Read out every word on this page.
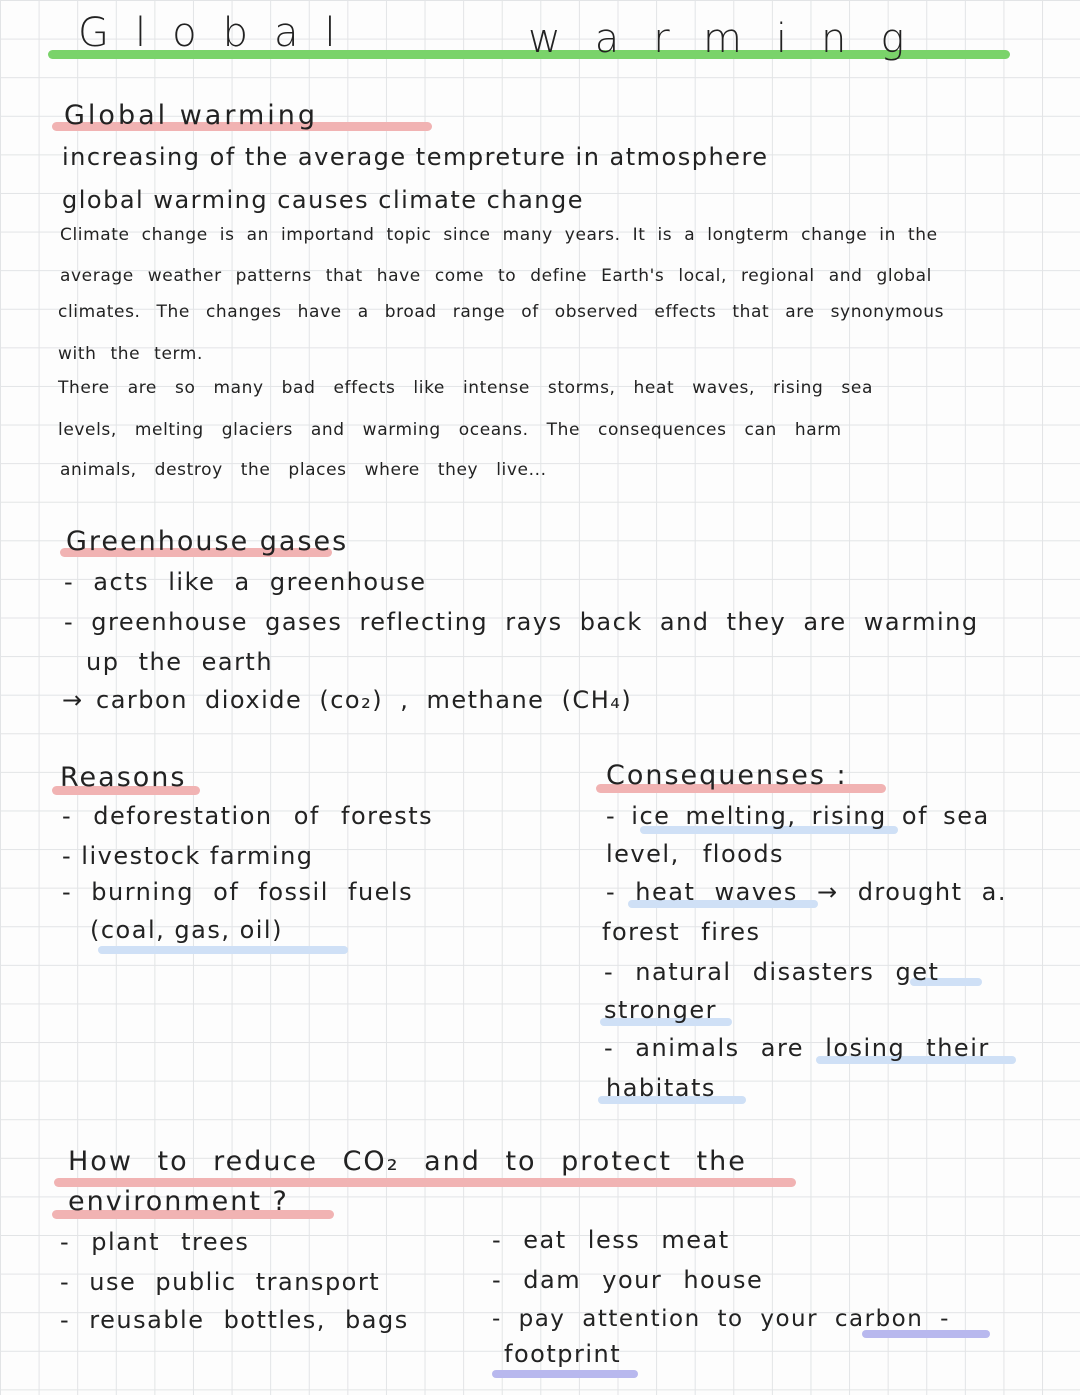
Global	warming
Global warming
increasing of the average tempreture in atmosphere
global warming causes climate change
Climate change is an importand topic since many years. It is a longterm change in the
average weather patterns that have come to define Earth's local, regional and global
climates. The changes have a broad range of observed effects that are synonymous
with the term.
There are so many bad effects like intense storms, heat waves, rising sea
levels, melting glaciers and warming oceans. The consequences can harm
animals, destroy the places where they live...
Greenhouse gases
- acts like a greenhouse
- greenhouse gases reflecting rays back and they are warming
up the earth
→ carbon dioxide (co₂) , methane (CH₄)
Reasons
- deforestation of forests
- livestock farming
- burning of fossil fuels
(coal, gas, oil)
Consequenses :
- ice melting, rising of sea
level, floods
- heat waves → drought a.
forest fires
- natural disasters get
stronger
- animals are losing their
habitats
How to reduce CO₂ and to protect the
environment ?
- plant trees
- use public transport
- reusable bottles, bags
- eat less meat
- dam your house
- pay attention to your carbon -
footprint
